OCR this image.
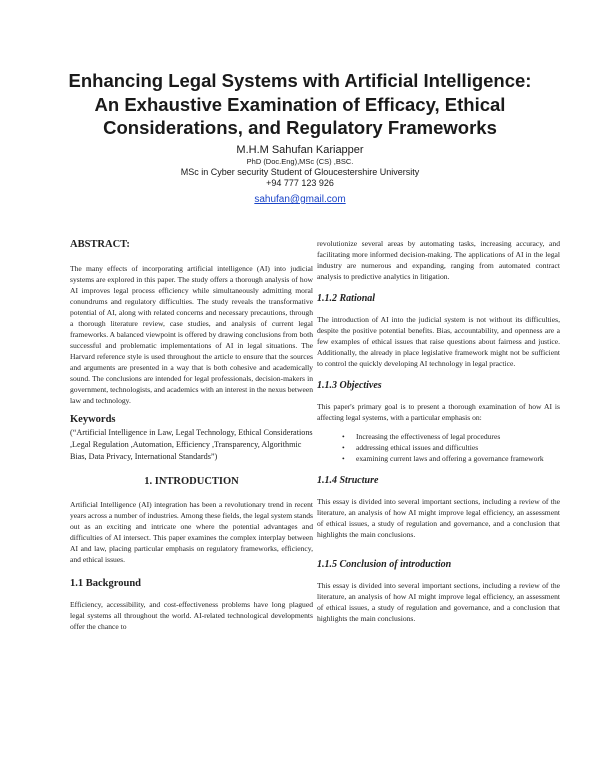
Enhancing Legal Systems with Artificial Intelligence:
An Exhaustive Examination of Efficacy, Ethical
Considerations, and Regulatory Frameworks
M.H.M Sahufan Kariapper
PhD (Doc.Eng),MSc (CS) ,BSC.
MSc in Cyber security Student of Gloucestershire University
+94 777 123 926
sahufan@gmail.com
ABSTRACT:

The many effects of incorporating artificial intelligence (AI) into judicial systems are explored in this paper. The study offers a thorough analysis of how AI improves legal process efficiency while simultaneously admitting moral conundrums and regulatory difficulties. The study reveals the transformative potential of AI, along with related concerns and necessary precautions, through a thorough literature review, case studies, and analysis of current legal frameworks. A balanced viewpoint is offered by drawing conclusions from both successful and problematic implementations of AI in legal situations. The Harvard reference style is used throughout the article to ensure that the sources and arguments are presented in a way that is both cohesive and academically sound. The conclusions are intended for legal professionals, decision-makers in government, technologists, and academics with an interest in the nexus between law and technology.

Keywords

(“Artificial Intelligence in Law, Legal Technology, Ethical Considerations ,Legal Regulation ,Automation, Efficiency ,Transparency, Algorithmic Bias, Data Privacy, International Standards”)

1. INTRODUCTION

Artificial Intelligence (AI) integration has been a revolutionary trend in recent years across a number of industries. Among these fields, the legal system stands out as an exciting and intricate one where the potential advantages and difficulties of AI intersect. This paper examines the complex interplay between AI and law, placing particular emphasis on regulatory frameworks, efficiency, and ethical issues.

1.1 Background

Efficiency, accessibility, and cost-effectiveness problems have long plagued legal systems all throughout the world. AI-related technological developments offer the chance to

revolutionize several areas by automating tasks, increasing accuracy, and facilitating more informed decision-making. The applications of AI in the legal industry are numerous and expanding, ranging from automated contract analysis to predictive analytics in litigation.

1.1.2 Rational

The introduction of AI into the judicial system is not without its difficulties, despite the positive potential benefits. Bias, accountability, and openness are a few examples of ethical issues that raise questions about fairness and justice. Additionally, the already in place legislative framework might not be sufficient to control the quickly developing AI technology in legal practice.

1.1.3 Objectives

This paper's primary goal is to present a thorough examination of how AI is affecting legal systems, with a particular emphasis on:

• Increasing the effectiveness of legal procedures
• addressing ethical issues and difficulties
• examining current laws and offering a governance framework
1.1.4 Structure

This essay is divided into several important sections, including a review of the literature, an analysis of how AI might improve legal efficiency, an assessment of ethical issues, a study of regulation and governance, and a conclusion that highlights the main conclusions.

1.1.5 Conclusion of introduction

This essay is divided into several important sections, including a review of the literature, an analysis of how AI might improve legal efficiency, an assessment of ethical issues, a study of regulation and governance, and a conclusion that highlights the main conclusions.
